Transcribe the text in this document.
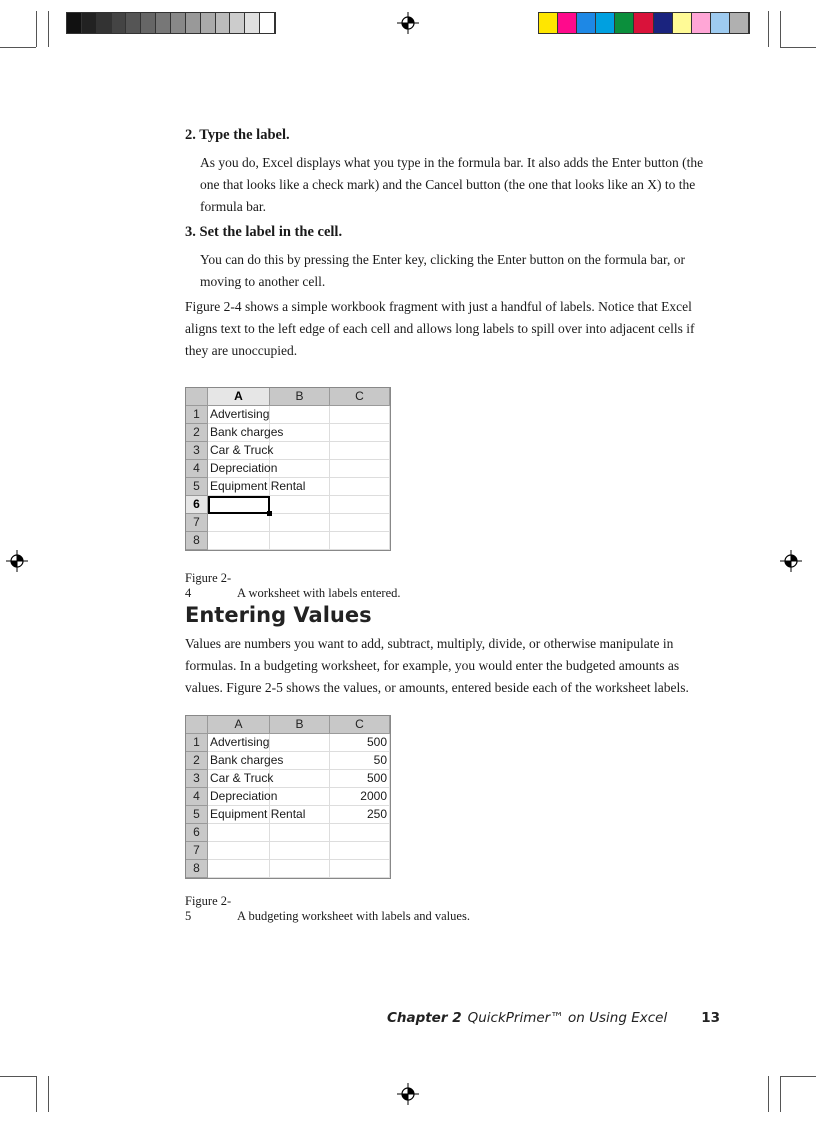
2. Type the label.
As you do, Excel displays what you type in the formula bar. It also adds the Enter button (the one that looks like a check mark) and the Cancel button (the one that looks like an X) to the formula bar.
3. Set the label in the cell.
You can do this by pressing the Enter key, clicking the Enter button on the formula bar, or moving to another cell.
Figure 2-4 shows a simple workbook fragment with just a handful of labels. Notice that Excel aligns text to the left edge of each cell and allows long labels to spill over into adjacent cells if they are unoccupied.
A	B	C
1 Advertising
2 Bank charges
3 Car & Truck
4 Depreciation
5 Equipment Rental
6
7
8
Figure 2-4	A worksheet with labels entered.
Entering Values
Values are numbers you want to add, subtract, multiply, divide, or otherwise manipulate in formulas. In a budgeting worksheet, for example, you would enter the budgeted amounts as values. Figure 2-5 shows the values, or amounts, entered beside each of the worksheet labels.
A	B	C
1 Advertising	500
2 Bank charges	50
3 Car & Truck	500
4 Depreciation	2000
5 Equipment Rental	250
6
7
8
Figure 2-5	A budgeting worksheet with labels and values.
Chapter 2 QuickPrimer™ on Using Excel	13
